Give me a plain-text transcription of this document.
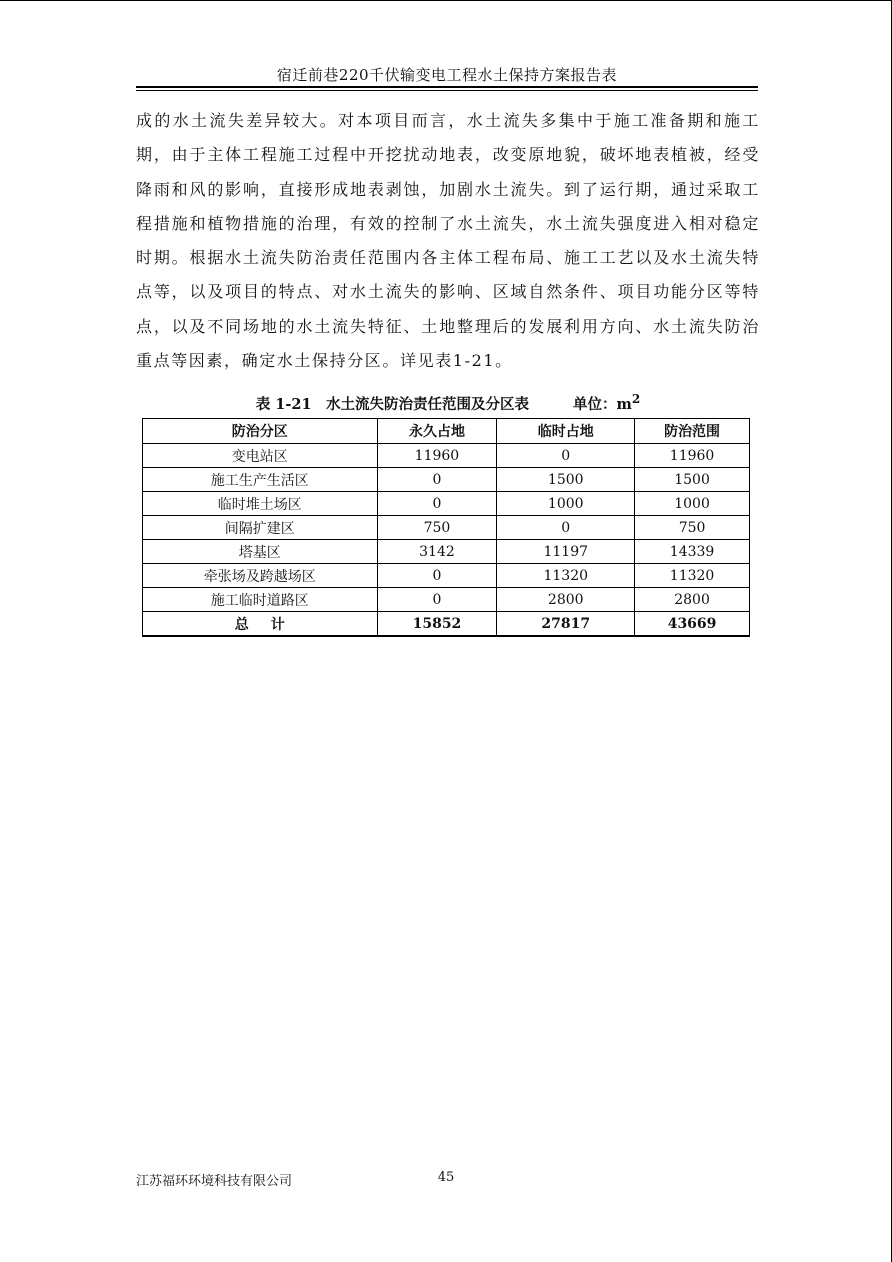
宿迁前巷220千伏输变电工程水土保持方案报告表

成的水土流失差异较大。对本项目而言，水土流失多集中于施工准备期和施工期，由于主体工程施工过程中开挖扰动地表，改变原地貌，破坏地表植被，经受降雨和风的影响，直接形成地表剥蚀，加剧水土流失。到了运行期，通过采取工程措施和植物措施的治理，有效的控制了水土流失，水土流失强度进入相对稳定时期。根据水土流失防治责任范围内各主体工程布局、施工工艺以及水土流失特点等，以及项目的特点、对水土流失的影响、区域自然条件、项目功能分区等特点，以及不同场地的水土流失特征、土地整理后的发展利用方向、水土流失防治重点等因素，确定水土保持分区。详见表1-21。

表 1-21　水土流失防治责任范围及分区表	单位：$m^2$
防治分区	永久占地	临时占地	防治范围
变电站区	11960	0	11960
施工生产生活区	0	1500	1500
临时堆土场区	0	1000	1000
间隔扩建区	750	0	750
塔基区	3142	11197	14339
牵张场及跨越场区	0	11320	11320
施工临时道路区	0	2800	2800
总计	15852	27817	43669
江苏福环环境科技有限公司	45
